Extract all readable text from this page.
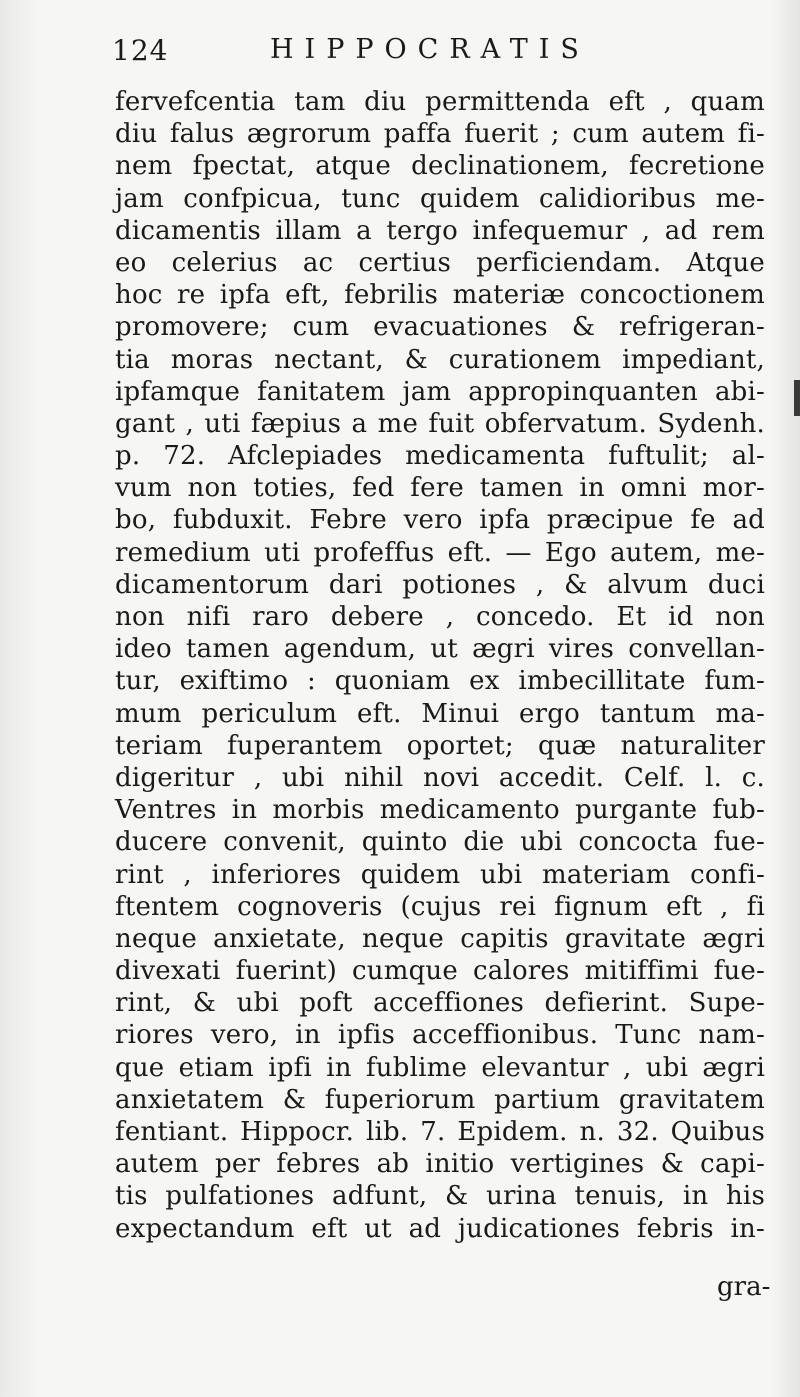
124	HIPPOCRATIS
fervefcentia tam diu permittenda eft , quam
diu falus ægrorum paffa fuerit ; cum autem fi-
nem fpectat, atque declinationem, fecretione
jam confpicua, tunc quidem calidioribus me-
dicamentis illam a tergo infequemur , ad rem
eo celerius ac certius perficiendam. Atque
hoc re ipfa eft, febrilis materiæ concoctionem
promovere; cum evacuationes & refrigeran-
tia moras nectant, & curationem impediant,
ipfamque fanitatem jam appropinquanten abi-
gant , uti fæpius a me fuit obfervatum. Sydenh.
p. 72. Afclepiades medicamenta fuftulit; al-
vum non toties, fed fere tamen in omni mor-
bo, fubduxit. Febre vero ipfa præcipue fe ad
remedium uti profeffus eft. — Ego autem, me-
dicamentorum dari potiones , & alvum duci
non nifi raro debere , concedo. Et id non
ideo tamen agendum, ut ægri vires convellan-
tur, exiftimo : quoniam ex imbecillitate fum-
mum periculum eft. Minui ergo tantum ma-
teriam fuperantem oportet; quæ naturaliter
digeritur , ubi nihil novi accedit. Celf. l. c.
Ventres in morbis medicamento purgante fub-
ducere convenit, quinto die ubi concocta fue-
rint , inferiores quidem ubi materiam confi-
ftentem cognoveris (cujus rei fignum eft , fi
neque anxietate, neque capitis gravitate ægri
divexati fuerint) cumque calores mitiffimi fue-
rint, & ubi poft acceffiones defierint. Supe-
riores vero, in ipfis acceffionibus. Tunc nam-
que etiam ipfi in fublime elevantur , ubi ægri
anxietatem & fuperiorum partium gravitatem
fentiant. Hippocr. lib. 7. Epidem. n. 32. Quibus
autem per febres ab initio vertigines & capi-
tis pulfationes adfunt, & urina tenuis, in his
expectandum eft ut ad judicationes febris in-
gra-
